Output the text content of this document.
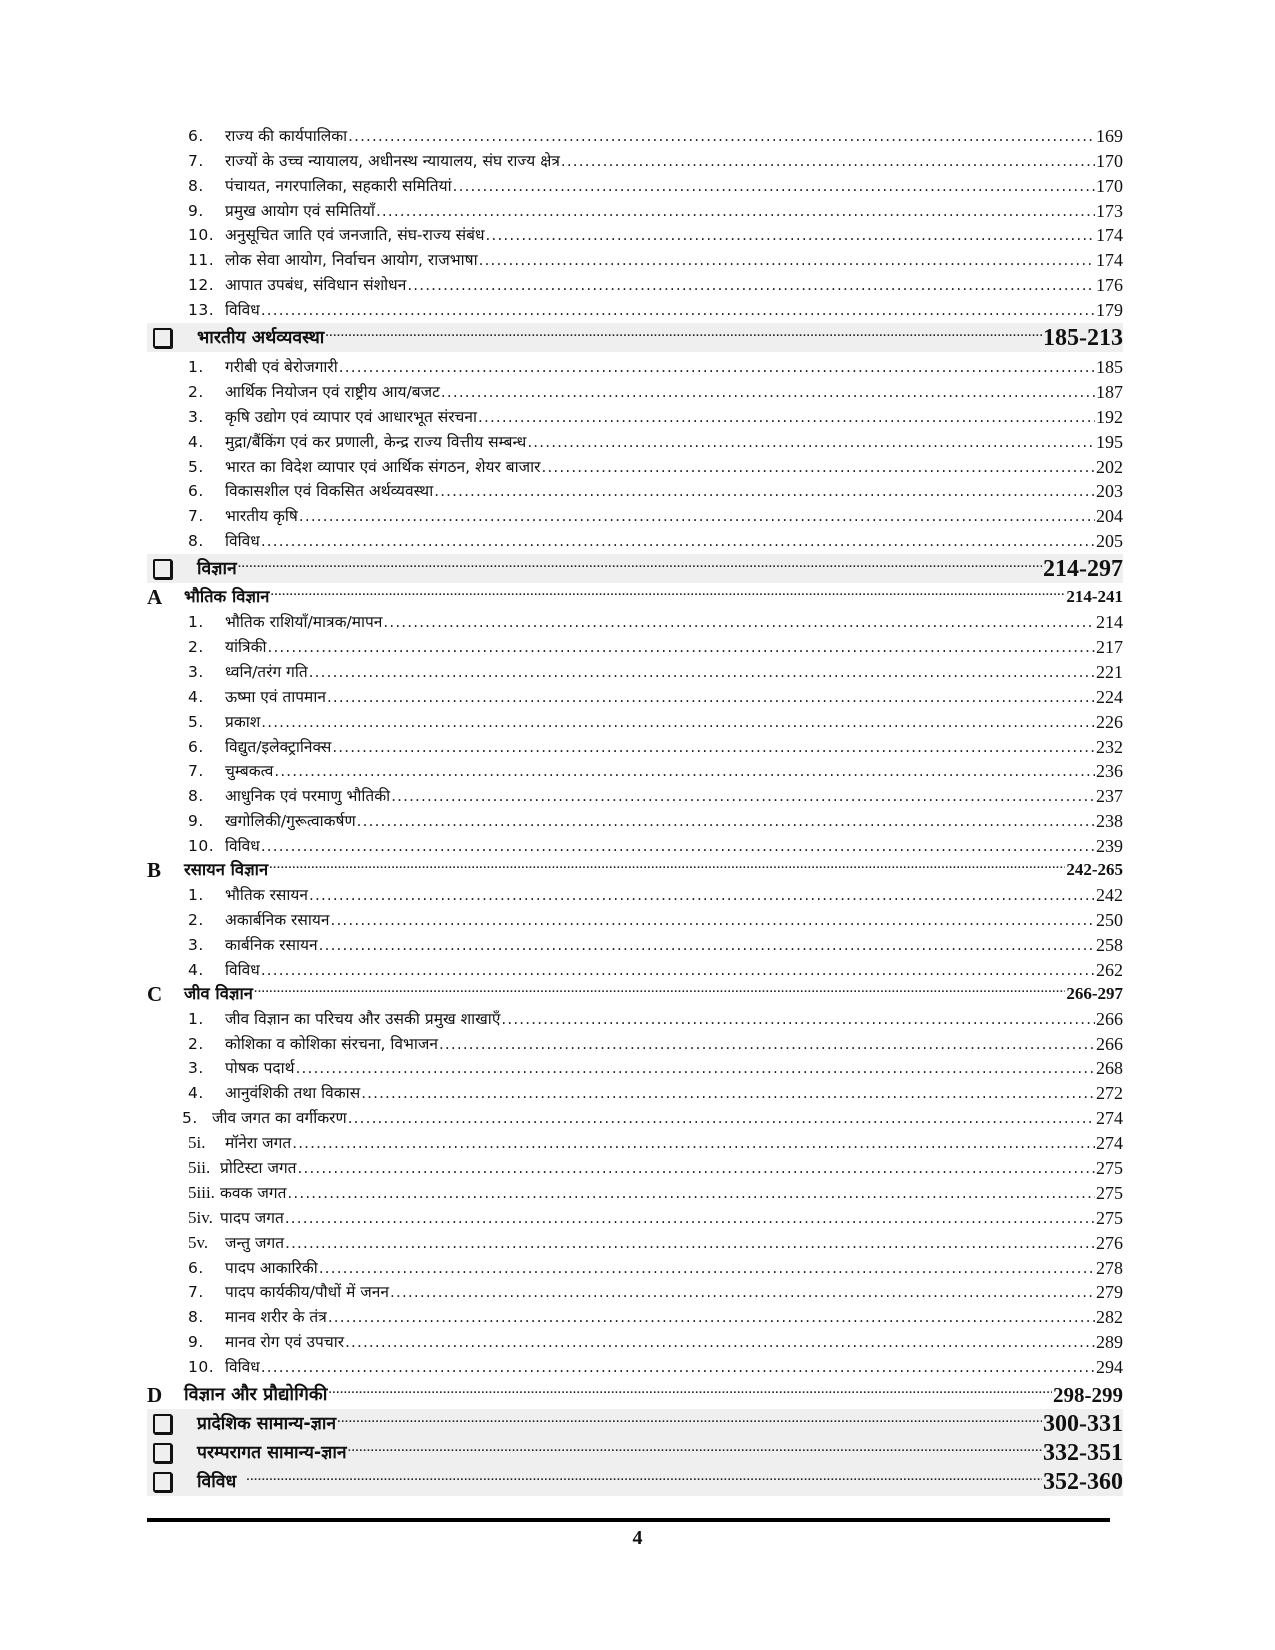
6.	राज्य की कार्यपालिका .....	169
7.	राज्यों के उच्च न्यायालय, अधीनस्थ न्यायालय, संघ राज्य क्षेत्र .....	170
8.	पंचायत, नगरपालिका, सहकारी समितियां .....	170
9.	प्रमुख आयोग एवं समितियाँ .....	173
10. अनुसूचित जाति एवं जनजाति, संघ-राज्य संबंध .....	174
11. लोक सेवा आयोग, निर्वाचन आयोग, राजभाषा .....	174
12. आपात उपबंध, संविधान संशोधन .....	176
13. विविध .....	179
भारतीय अर्थव्यवस्था .....	185-213
1.	गरीबी एवं बेरोजगारी .....	185
2.	आर्थिक नियोजन एवं राष्ट्रीय आय/बजट .....	187
3.	कृषि उद्योग एवं व्यापार एवं आधारभूत संरचना .....	192
4.	मुद्रा/बैंकिंग एवं कर प्रणाली, केन्द्र राज्य वित्तीय सम्बन्ध .....	195
5.	भारत का विदेश व्यापार एवं आर्थिक संगठन, शेयर बाजार .....	202
6.	विकासशील एवं विकसित अर्थव्यवस्था .....	203
7.	भारतीय कृषि .....	204
8.	विविध .....	205
विज्ञान .....	214-297
A	भौतिक विज्ञान .....	214-241
1.	भौतिक राशियाँ/मात्रक/मापन .....	214
2.	यांत्रिकी .....	217
3.	ध्वनि/तरंग गति .....	221
4.	ऊष्मा एवं तापमान .....	224
5.	प्रकाश .....	226
6.	विद्युत/इलेक्ट्रानिक्स .....	232
7.	चुम्बकत्व .....	236
8.	आधुनिक एवं परमाणु भौतिकी .....	237
9.	खगोलिकी/गुरूत्वाकर्षण .....	238
10. विविध .....	239
B	रसायन विज्ञान .....	242-265
1.	भौतिक रसायन .....	242
2.	अकार्बनिक रसायन .....	250
3.	कार्बनिक रसायन .....	258
4.	विविध .....	262
C	जीव विज्ञान .....	266-297
1.	जीव विज्ञान का परिचय और उसकी प्रमुख शाखाएँ .....	266
2.	कोशिका व कोशिका संरचना, विभाजन .....	266
3.	पोषक पदार्थ .....	268
4.	आनुवंशिकी तथा विकास .....	272
5. जीव जगत का वर्गीकरण .....	274
5i.	मॉनेरा जगत .....	274
5ii. प्रोटिस्टा जगत .....	275
5iii. कवक जगत .....	275
5iv. पादप जगत .....	275
5v.	जन्तु जगत .....	276
6.	पादप आकारिकी .....	278
7.	पादप कार्यकीय/पौधों में जनन .....	279
8.	मानव शरीर के तंत्र .....	282
9.	मानव रोग एवं उपचार .....	289
10. विविध .....	294
D	विज्ञान और प्रौद्योगिकी .....	298-299
प्रादेशिक सामान्य-ज्ञान .....	300-331
परम्परागत सामान्य-ज्ञान .....	332-351
विविध .....	352-360
4
